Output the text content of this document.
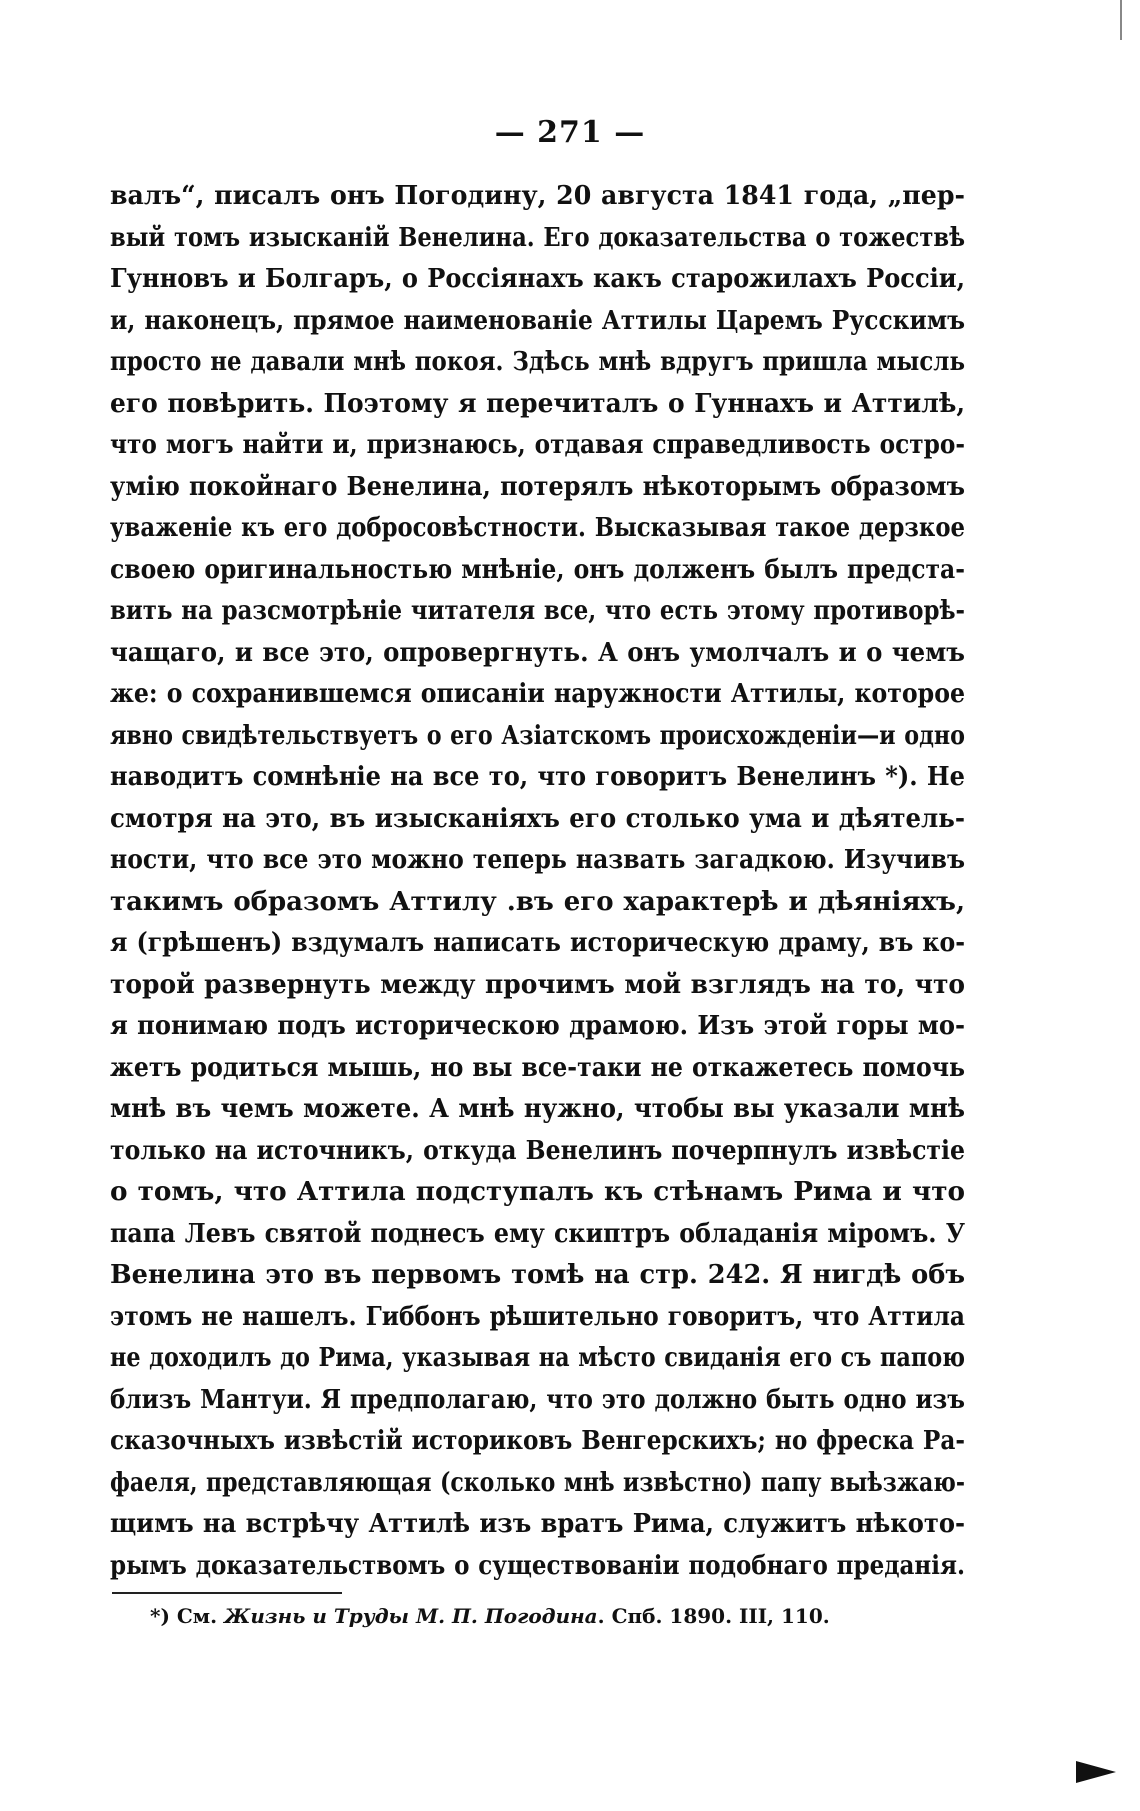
— 271 —
валъ“, писалъ онъ Погодину, 20 августа 1841 года, „пер-
вый томъ изысканій Венелина. Его доказательства о тожествѣ
Гунновъ и Болгаръ, о Россіянахъ какъ старожилахъ Россіи,
и, наконецъ, прямое наименованіе Аттилы Царемъ Русскимъ
просто не давали мнѣ покоя. Здѣсь мнѣ вдругъ пришла мысль
его повѣрить. Поэтому я перечиталъ о Гуннахъ и Аттилѣ,
что могъ найти и, признаюсь, отдавая справедливость остро-
умію покойнаго Венелина, потерялъ нѣкоторымъ образомъ
уваженіе къ его добросовѣстности. Высказывая такое дерзкое
своею оригинальностью мнѣніе, онъ долженъ былъ предста-
вить на разсмотрѣніе читателя все, что есть этому противорѣ-
чащаго, и все это, опровергнуть. А онъ умолчалъ и о чемъ
же: о сохранившемся описаніи наружности Аттилы, которое
явно свидѣтельствуетъ о его Азіатскомъ происхожденіи—и одно
наводитъ сомнѣніе на все то, что говоритъ Венелинъ *). Не
смотря на это, въ изысканіяхъ его столько ума и дѣятель-
ности, что все это можно теперь назвать загадкою. Изучивъ
такимъ образомъ Аттилу .въ его характерѣ и дѣяніяхъ,
я (грѣшенъ) вздумалъ написать историческую драму, въ ко-
торой развернуть между прочимъ мой взглядъ на то, что
я понимаю подъ историческою драмою. Изъ этой горы мо-
жетъ родиться мышь, но вы все-таки не откажетесь помочь
мнѣ въ чемъ можете. А мнѣ нужно, чтобы вы указали мнѣ
только на источникъ, откуда Венелинъ почерпнулъ извѣстіе
о томъ, что Аттила подступалъ къ стѣнамъ Рима и что
папа Левъ святой поднесъ ему скиптръ обладанія міромъ. У
Венелина это въ первомъ томѣ на стр. 242. Я нигдѣ объ
этомъ не нашелъ. Гиббонъ рѣшительно говоритъ, что Аттила
не доходилъ до Рима, указывая на мѣсто свиданія его съ папою
близъ Мантуи. Я предполагаю, что это должно быть одно изъ
сказочныхъ извѣстій историковъ Венгерскихъ; но фреска Ра-
фаеля, представляющая (сколько мнѣ извѣстно) папу выѣзжаю-
щимъ на встрѣчу Аттилѣ изъ вратъ Рима, служитъ нѣкото-
рымъ доказательствомъ о существованіи подобнаго преданія.
*) См. Жизнь и Труды М. П. Погодина. Спб. 1890. III, 110.
